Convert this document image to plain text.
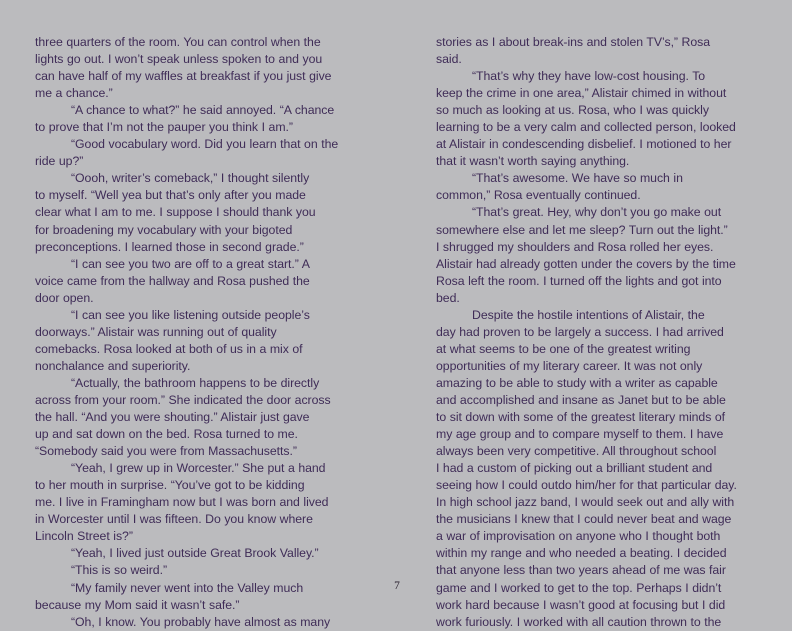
three quarters of the room. You can control when the
lights go out. I won’t speak unless spoken to and you
can have half of my waffles at breakfast if you just give
me a chance.”
“A chance to what?” he said annoyed. “A chance
to prove that I’m not the pauper you think I am.”
“Good vocabulary word. Did you learn that on the
ride up?”
“Oooh, writer’s comeback,” I thought silently
to myself. “Well yea but that’s only after you made
clear what I am to me. I suppose I should thank you
for broadening my vocabulary with your bigoted
preconceptions. I learned those in second grade.”
“I can see you two are off to a great start.” A
voice came from the hallway and Rosa pushed the
door open.
“I can see you like listening outside people’s
doorways.” Alistair was running out of quality
comebacks. Rosa looked at both of us in a mix of
nonchalance and superiority.
“Actually, the bathroom happens to be directly
across from your room.” She indicated the door across
the hall. “And you were shouting.” Alistair just gave
up and sat down on the bed. Rosa turned to me.
“Somebody said you were from Massachusetts.”
“Yeah, I grew up in Worcester.” She put a hand
to her mouth in surprise. “You’ve got to be kidding
me. I live in Framingham now but I was born and lived
in Worcester until I was fifteen. Do you know where
Lincoln Street is?”
“Yeah, I lived just outside Great Brook Valley.”
“This is so weird.”
“My family never went into the Valley much
because my Mom said it wasn’t safe.”
“Oh, I know. You probably have almost as many

stories as I about break-ins and stolen TV’s,” Rosa
said.
“That’s why they have low-cost housing. To
keep the crime in one area,” Alistair chimed in without
so much as looking at us. Rosa, who I was quickly
learning to be a very calm and collected person, looked
at Alistair in condescending disbelief. I motioned to her
that it wasn’t worth saying anything.
“That’s awesome. We have so much in
common,” Rosa eventually continued.
“That’s great. Hey, why don’t you go make out
somewhere else and let me sleep? Turn out the light.”
I shrugged my shoulders and Rosa rolled her eyes.
Alistair had already gotten under the covers by the time
Rosa left the room. I turned off the lights and got into
bed.
Despite the hostile intentions of Alistair, the
day had proven to be largely a success. I had arrived
at what seems to be one of the greatest writing
opportunities of my literary career. It was not only
amazing to be able to study with a writer as capable
and accomplished and insane as Janet but to be able
to sit down with some of the greatest literary minds of
my age group and to compare myself to them. I have
always been very competitive. All throughout school
I had a custom of picking out a brilliant student and
seeing how I could outdo him/her for that particular day.
In high school jazz band, I would seek out and ally with
the musicians I knew that I could never beat and wage
a war of improvisation on anyone who I thought both
within my range and who needed a beating. I decided
that anyone less than two years ahead of me was fair
game and I worked to get to the top. Perhaps I didn’t
work hard because I wasn’t good at focusing but I did
work furiously. I worked with all caution thrown to the

7
